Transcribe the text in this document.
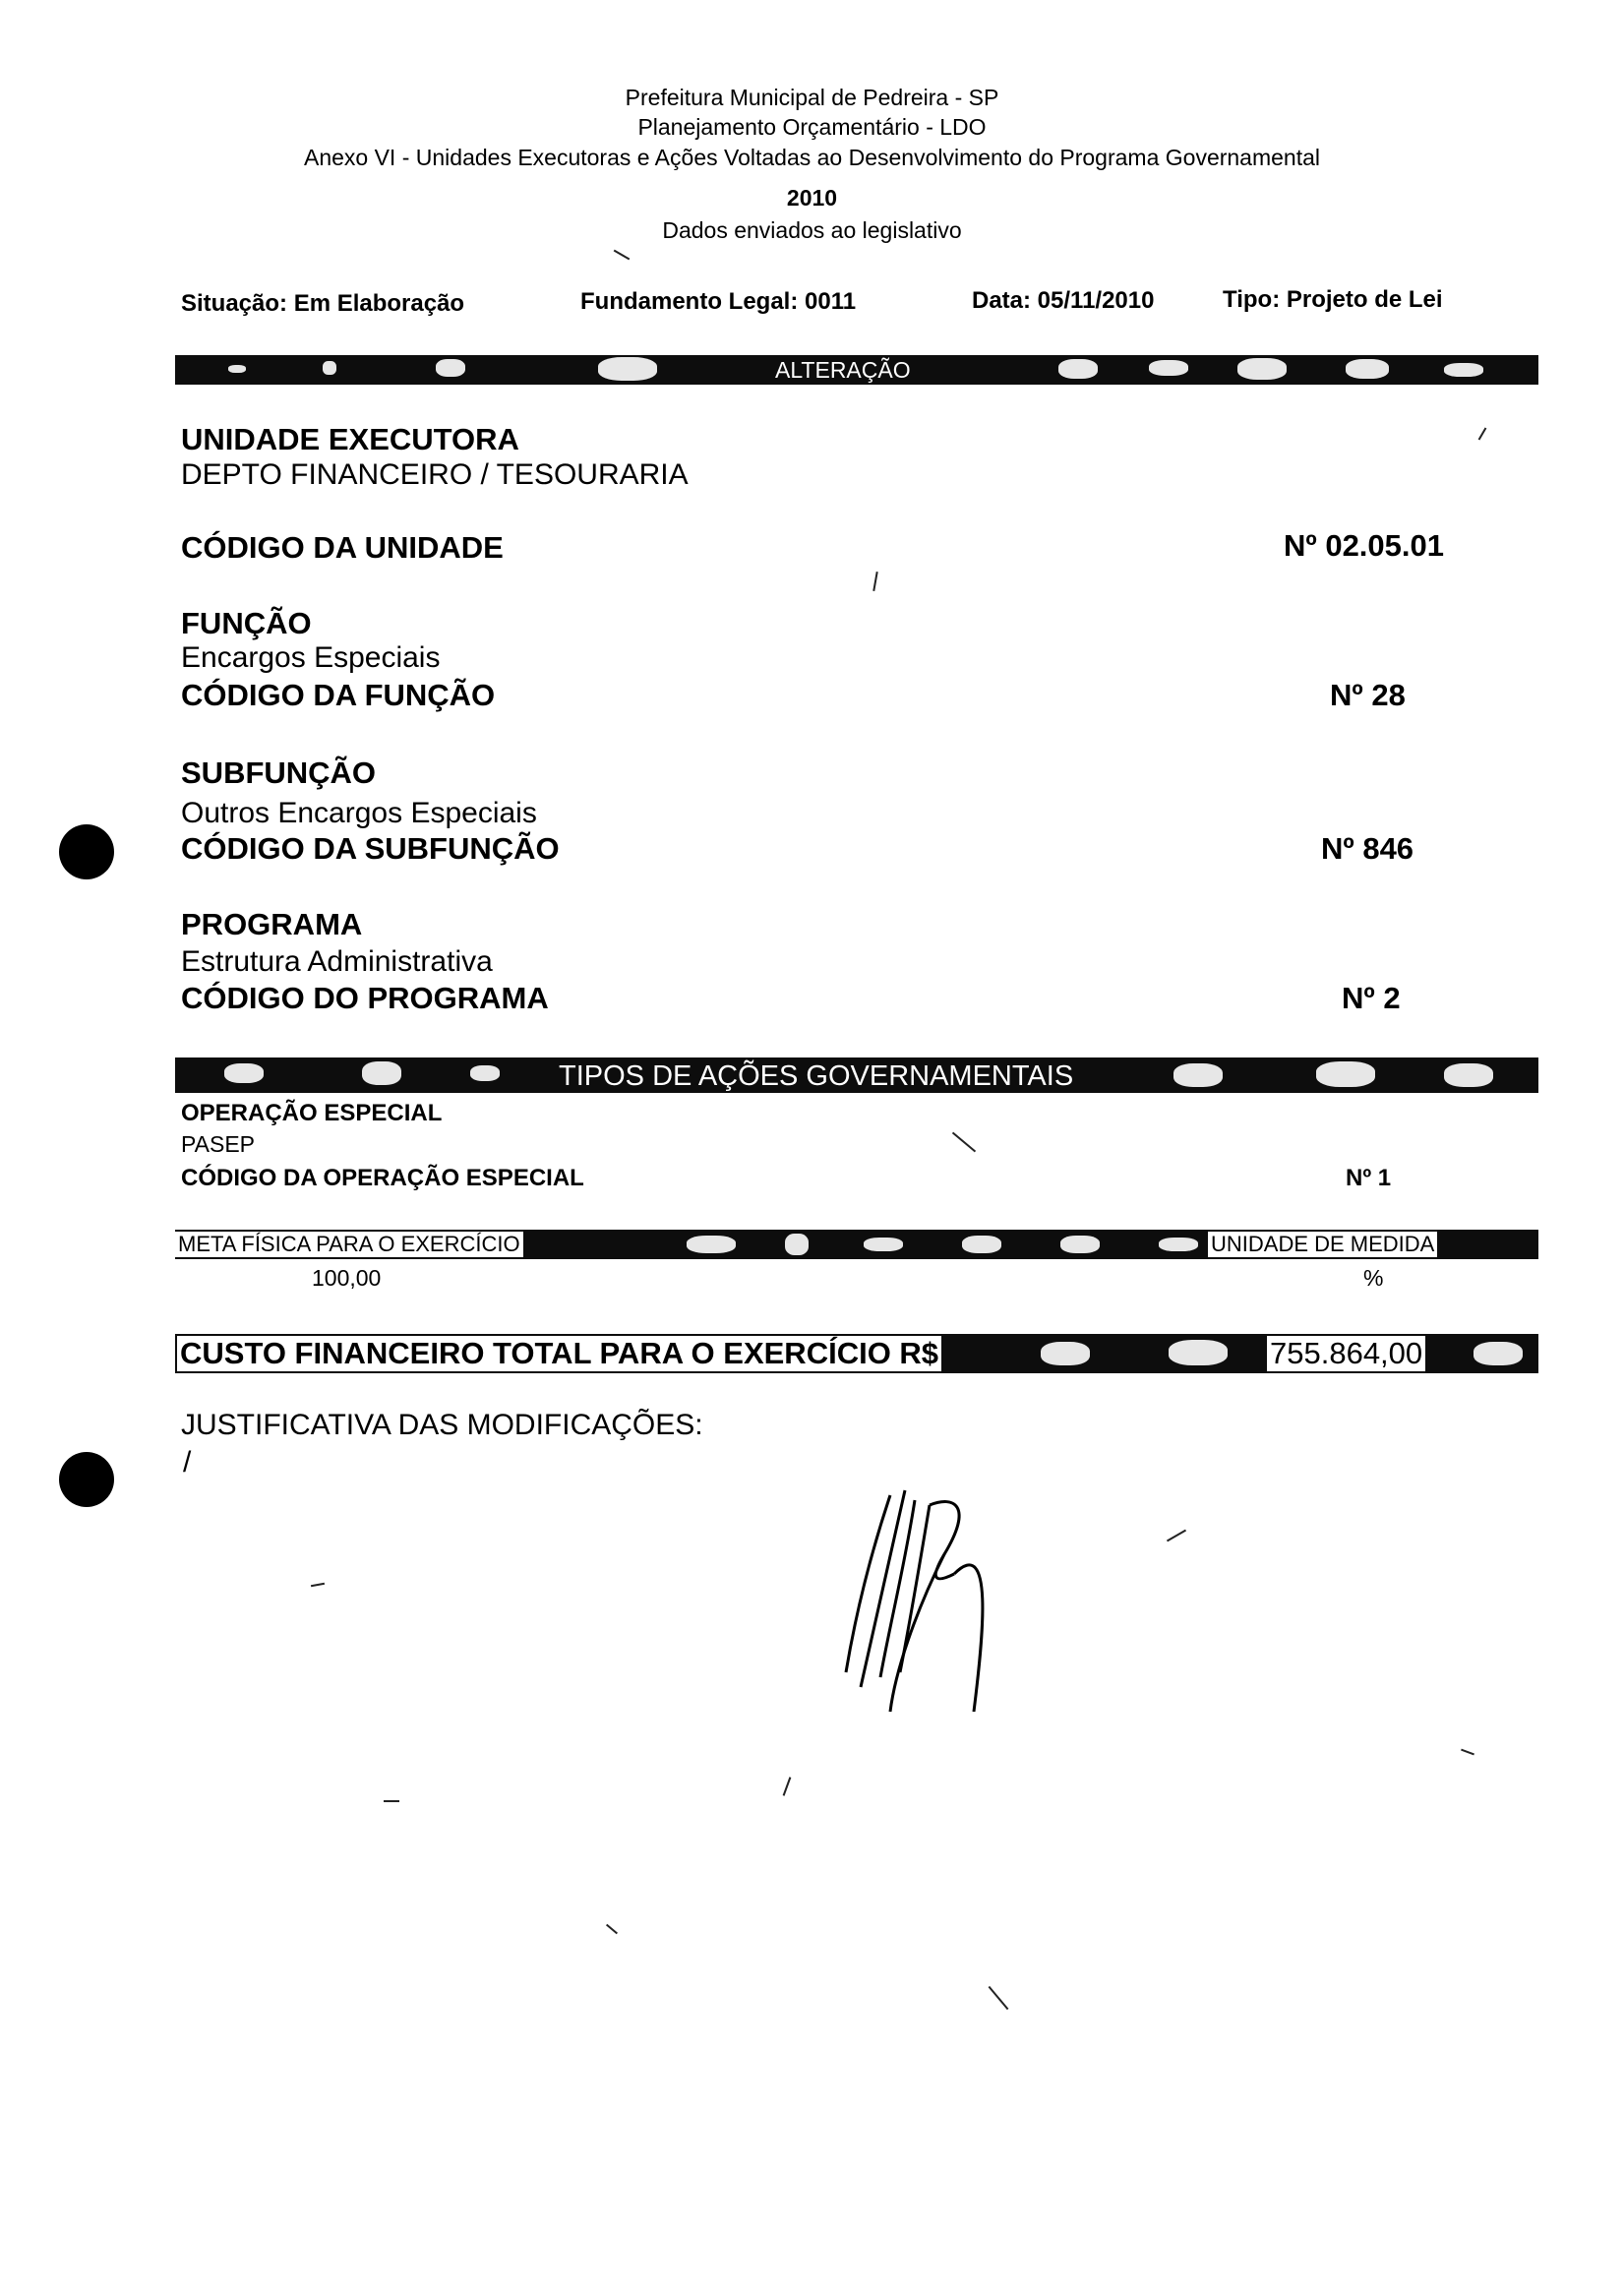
Prefeitura Municipal de Pedreira - SP
Planejamento Orçamentário - LDO
Anexo VI - Unidades Executoras e Ações Voltadas ao Desenvolvimento do Programa Governamental
2010
Dados enviados ao legislativo
Situação: Em Elaboração	Fundamento Legal: 0011	Data: 05/11/2010	Tipo: Projeto de Lei
ALTERAÇÃO
UNIDADE EXECUTORA
DEPTO FINANCEIRO / TESOURARIA
CÓDIGO DA UNIDADE	Nº 02.05.01
FUNÇÃO
Encargos Especiais
CÓDIGO DA FUNÇÃO	Nº 28
SUBFUNÇÃO
Outros Encargos Especiais
CÓDIGO DA SUBFUNÇÃO	Nº 846
PROGRAMA
Estrutura Administrativa
CÓDIGO DO PROGRAMA	Nº 2
TIPOS DE AÇÕES GOVERNAMENTAIS
OPERAÇÃO ESPECIAL
PASEP
CÓDIGO DA OPERAÇÃO ESPECIAL	Nº 1
META FÍSICA PARA O EXERCÍCIO	UNIDADE DE MEDIDA
100,00	%
CUSTO FINANCEIRO TOTAL PARA O EXERCÍCIO R$	755.864,00
JUSTIFICATIVA DAS MODIFICAÇÕES:
/
